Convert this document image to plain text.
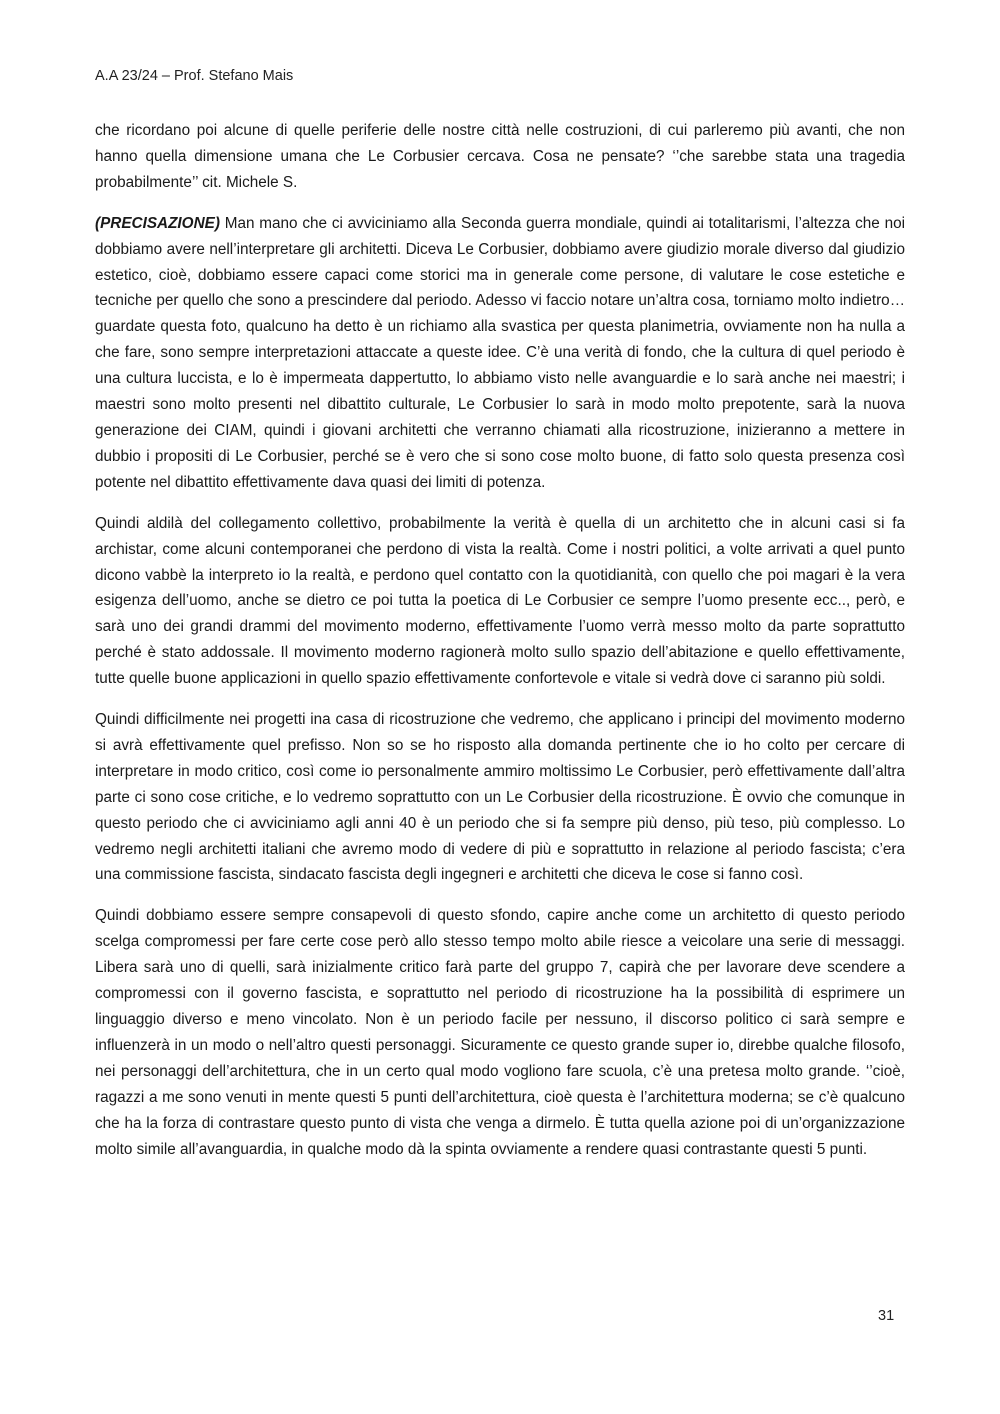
A.A 23/24 – Prof. Stefano Mais

che ricordano poi alcune di quelle periferie delle nostre città nelle costruzioni, di cui parleremo più avanti, che non hanno quella dimensione umana che Le Corbusier cercava. Cosa ne pensate? ‘’che sarebbe stata una tragedia probabilmente’’ cit. Michele S.

(PRECISAZIONE) Man mano che ci avviciniamo alla Seconda guerra mondiale, quindi ai totalitarismi, l’altezza che noi dobbiamo avere nell’interpretare gli architetti. Diceva Le Corbusier, dobbiamo avere giudizio morale diverso dal giudizio estetico, cioè, dobbiamo essere capaci come storici ma in generale come persone, di valutare le cose estetiche e tecniche per quello che sono a prescindere dal periodo. Adesso vi faccio notare un’altra cosa, torniamo molto indietro…guardate questa foto, qualcuno ha detto è un richiamo alla svastica per questa planimetria, ovviamente non ha nulla a che fare, sono sempre interpretazioni attaccate a queste idee. C’è una verità di fondo, che la cultura di quel periodo è una cultura luccista, e lo è impermeata dappertutto, lo abbiamo visto nelle avanguardie e lo sarà anche nei maestri; i maestri sono molto presenti nel dibattito culturale, Le Corbusier lo sarà in modo molto prepotente, sarà la nuova generazione dei CIAM, quindi i giovani architetti che verranno chiamati alla ricostruzione, inizieranno a mettere in dubbio i propositi di Le Corbusier, perché se è vero che si sono cose molto buone, di fatto solo questa presenza così potente nel dibattito effettivamente dava quasi dei limiti di potenza.

Quindi aldilà del collegamento collettivo, probabilmente la verità è quella di un architetto che in alcuni casi si fa archistar, come alcuni contemporanei che perdono di vista la realtà. Come i nostri politici, a volte arrivati a quel punto dicono vabbè la interpreto io la realtà, e perdono quel contatto con la quotidianità, con quello che poi magari è la vera esigenza dell’uomo, anche se dietro ce poi tutta la poetica di Le Corbusier ce sempre l’uomo presente ecc.., però, e sarà uno dei grandi drammi del movimento moderno, effettivamente l’uomo verrà messo molto da parte soprattutto perché è stato addossale. Il movimento moderno ragionerà molto sullo spazio dell’abitazione e quello effettivamente, tutte quelle buone applicazioni in quello spazio effettivamente confortevole e vitale si vedrà dove ci saranno più soldi.

Quindi difficilmente nei progetti ina casa di ricostruzione che vedremo, che applicano i principi del movimento moderno si avrà effettivamente quel prefisso. Non so se ho risposto alla domanda pertinente che io ho colto per cercare di interpretare in modo critico, così come io personalmente ammiro moltissimo Le Corbusier, però effettivamente dall’altra parte ci sono cose critiche, e lo vedremo soprattutto con un Le Corbusier della ricostruzione. È ovvio che comunque in questo periodo che ci avviciniamo agli anni 40 è un periodo che si fa sempre più denso, più teso, più complesso. Lo vedremo negli architetti italiani che avremo modo di vedere di più e soprattutto in relazione al periodo fascista; c’era una commissione fascista, sindacato fascista degli ingegneri e architetti che diceva le cose si fanno così.

Quindi dobbiamo essere sempre consapevoli di questo sfondo, capire anche come un architetto di questo periodo scelga compromessi per fare certe cose però allo stesso tempo molto abile riesce a veicolare una serie di messaggi. Libera sarà uno di quelli, sarà inizialmente critico farà parte del gruppo 7, capirà che per lavorare deve scendere a compromessi con il governo fascista, e soprattutto nel periodo di ricostruzione ha la possibilità di esprimere un linguaggio diverso e meno vincolato. Non è un periodo facile per nessuno, il discorso politico ci sarà sempre e influenzerà in un modo o nell’altro questi personaggi. Sicuramente ce questo grande super io, direbbe qualche filosofo, nei personaggi dell’architettura, che in un certo qual modo vogliono fare scuola, c’è una pretesa molto grande. ‘’cioè, ragazzi a me sono venuti in mente questi 5 punti dell’architettura, cioè questa è l’architettura moderna; se c’è qualcuno che ha la forza di contrastare questo punto di vista che venga a dirmelo. È tutta quella azione poi di un’organizzazione molto simile all’avanguardia, in qualche modo dà la spinta ovviamente a rendere quasi contrastante questi 5 punti.

31
